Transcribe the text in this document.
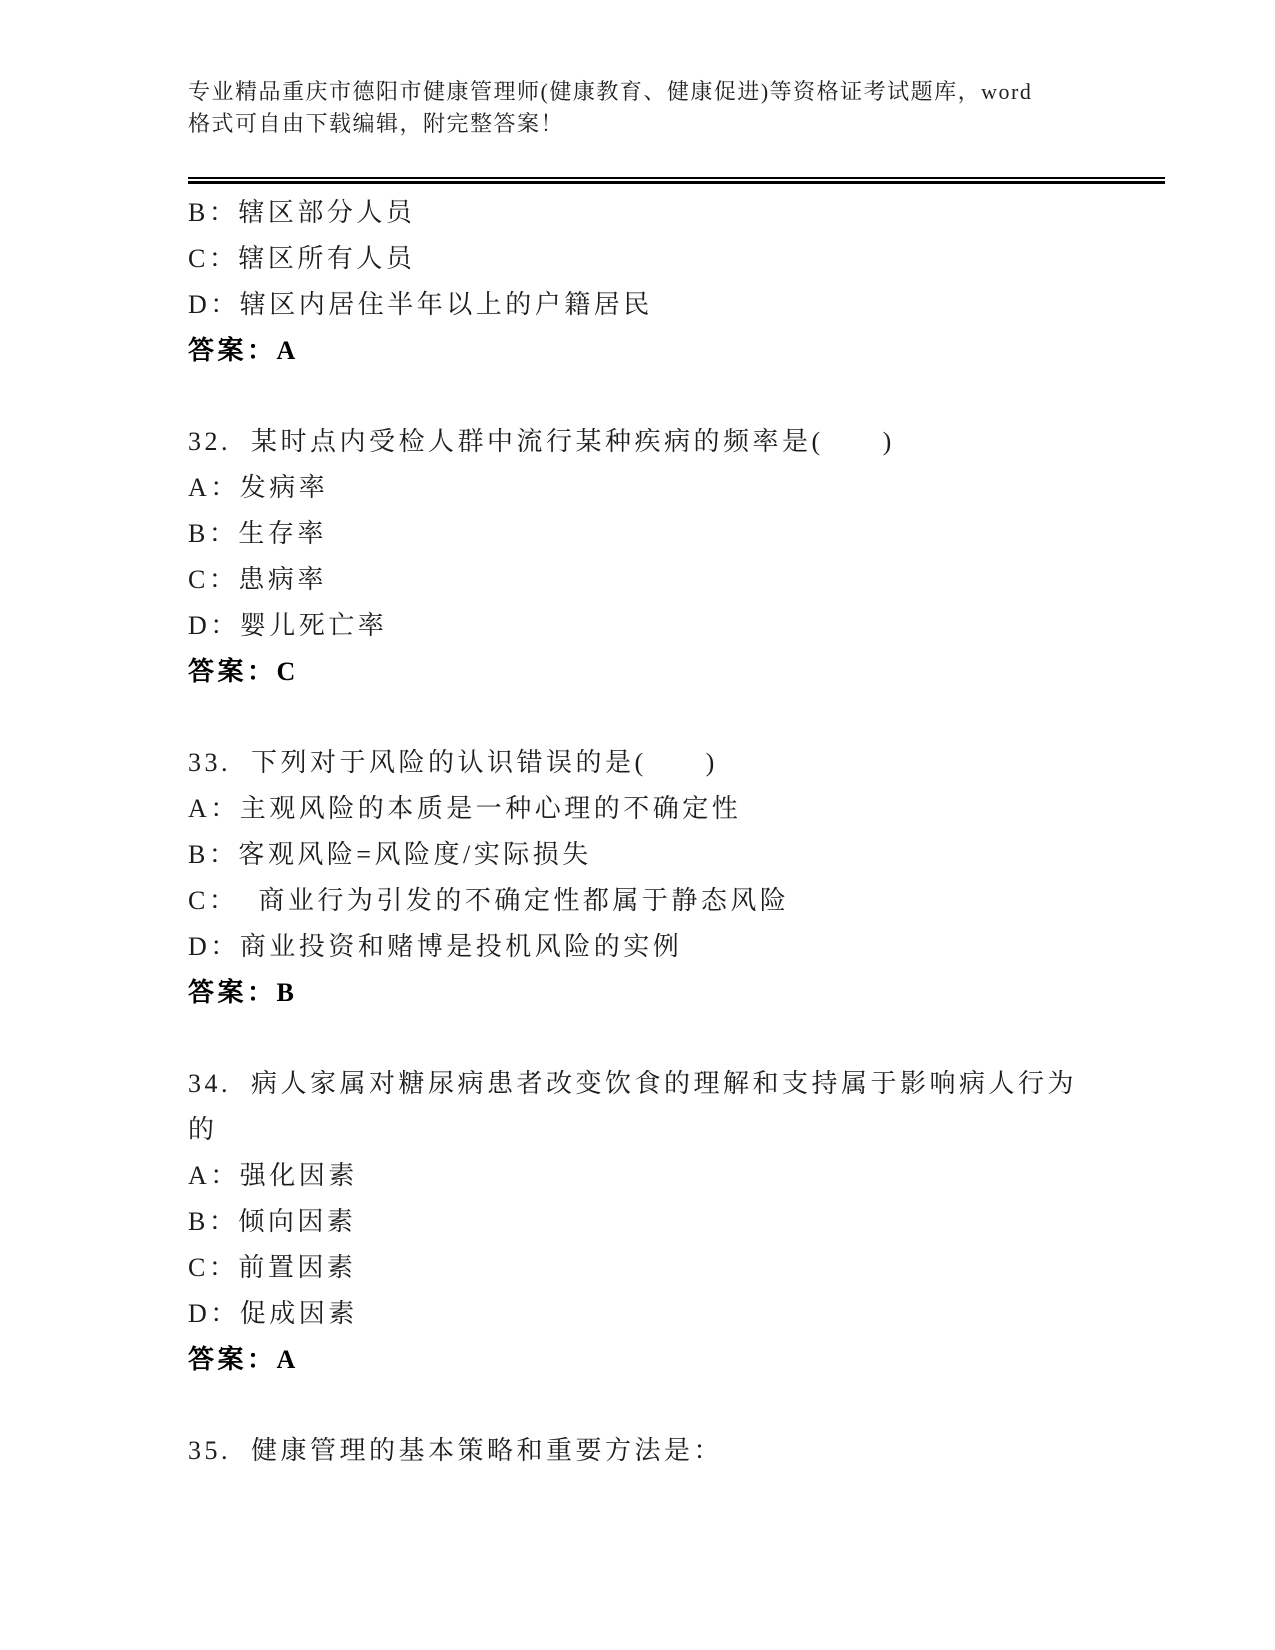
专业精品重庆市德阳市健康管理师(健康教育、健康促进)等资格证考试题库，word
格式可自由下载编辑，附完整答案！
B：辖区部分人员
C：辖区所有人员
D：辖区内居住半年以上的户籍居民
答案：A
32.  某时点内受检人群中流行某种疾病的频率是(　　)
A：发病率
B：生存率
C：患病率
D：婴儿死亡率
答案：C
33.  下列对于风险的认识错误的是(　　)
A：主观风险的本质是一种心理的不确定性
B：客观风险=风险度/实际损失
C：  商业行为引发的不确定性都属于静态风险
D：商业投资和赌博是投机风险的实例
答案：B
34.  病人家属对糖尿病患者改变饮食的理解和支持属于影响病人行为
的
A：强化因素
B：倾向因素
C：前置因素
D：促成因素
答案：A
35.  健康管理的基本策略和重要方法是：
